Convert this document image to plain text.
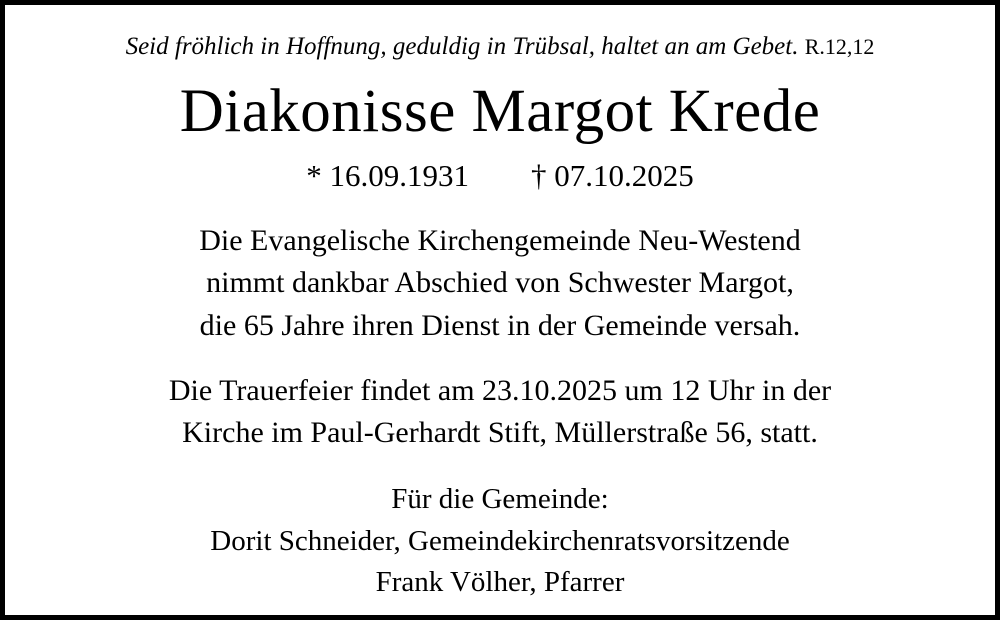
Seid fröhlich in Hoffnung, geduldig in Trübsal, haltet an am Gebet. R.12,12
Diakonisse Margot Krede
* 16.09.1931 † 07.10.2025
Die Evangelische Kirchengemeinde Neu-Westend
nimmt dankbar Abschied von Schwester Margot,
die 65 Jahre ihren Dienst in der Gemeinde versah.
Die Trauerfeier findet am 23.10.2025 um 12 Uhr in der
Kirche im Paul-Gerhardt Stift, Müllerstraße 56, statt.
Für die Gemeinde:
Dorit Schneider, Gemeindekirchenratsvorsitzende
Frank Völher, Pfarrer
